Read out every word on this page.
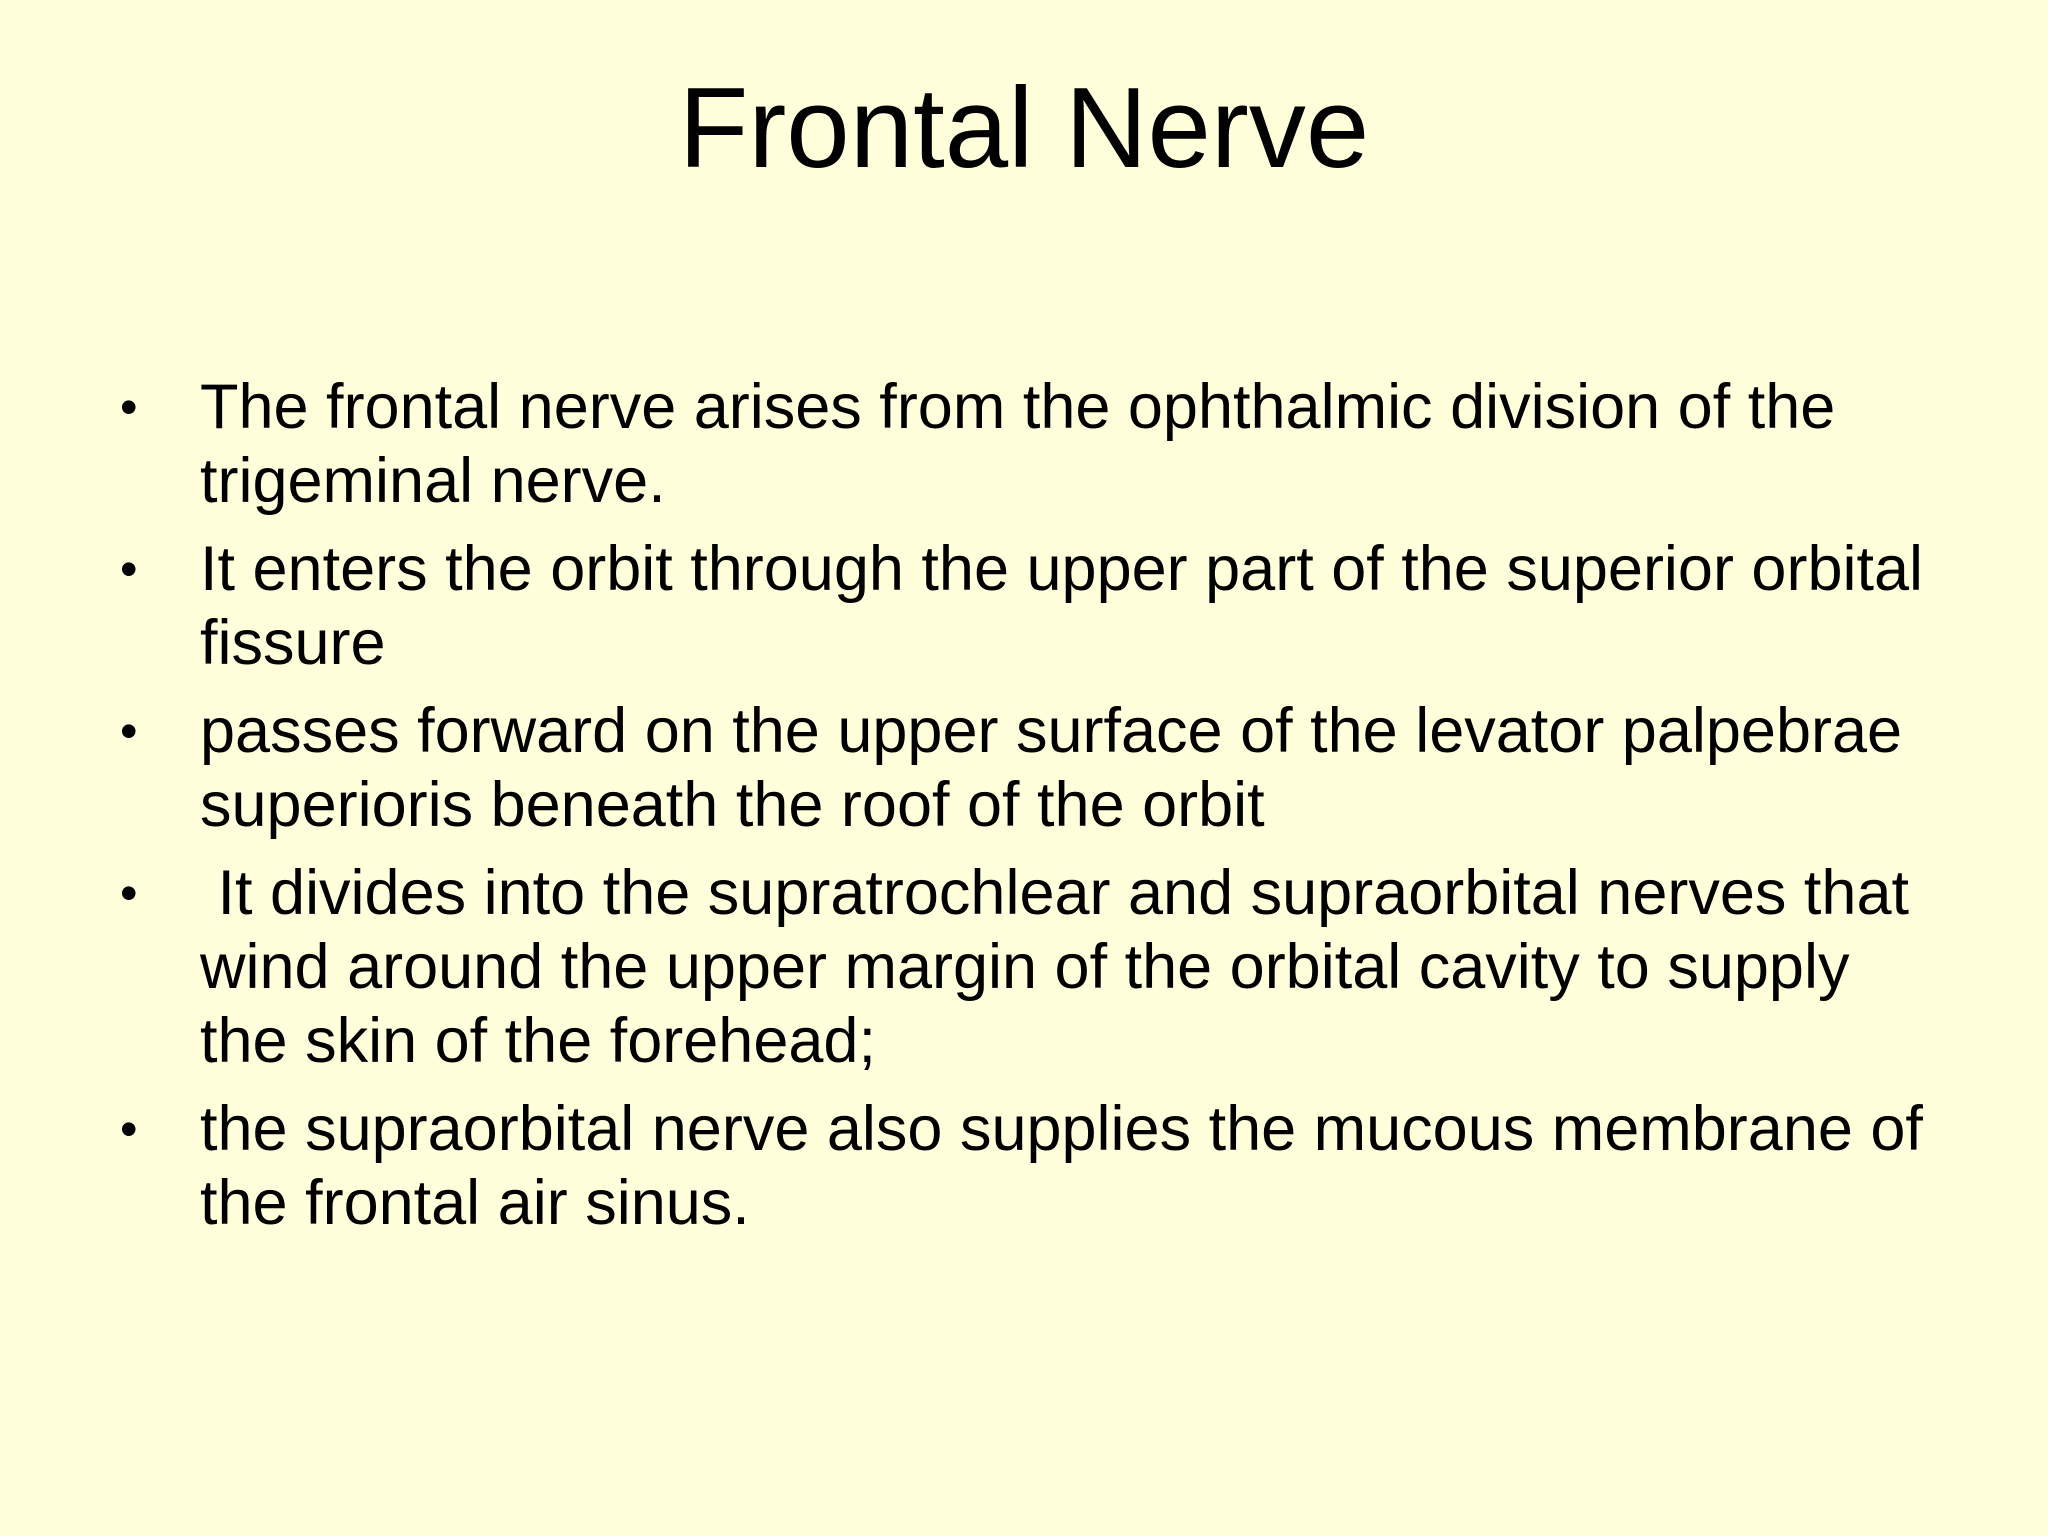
Frontal Nerve
• The frontal nerve arises from the ophthalmic division of the trigeminal nerve.
• It enters the orbit through the upper part of the superior orbital fissure
• passes forward on the upper surface of the levator palpebrae superioris beneath the roof of the orbit
• It divides into the supratrochlear and supraorbital nerves that wind around the upper margin of the orbital cavity to supply the skin of the forehead;
• the supraorbital nerve also supplies the mucous membrane of the frontal air sinus.
